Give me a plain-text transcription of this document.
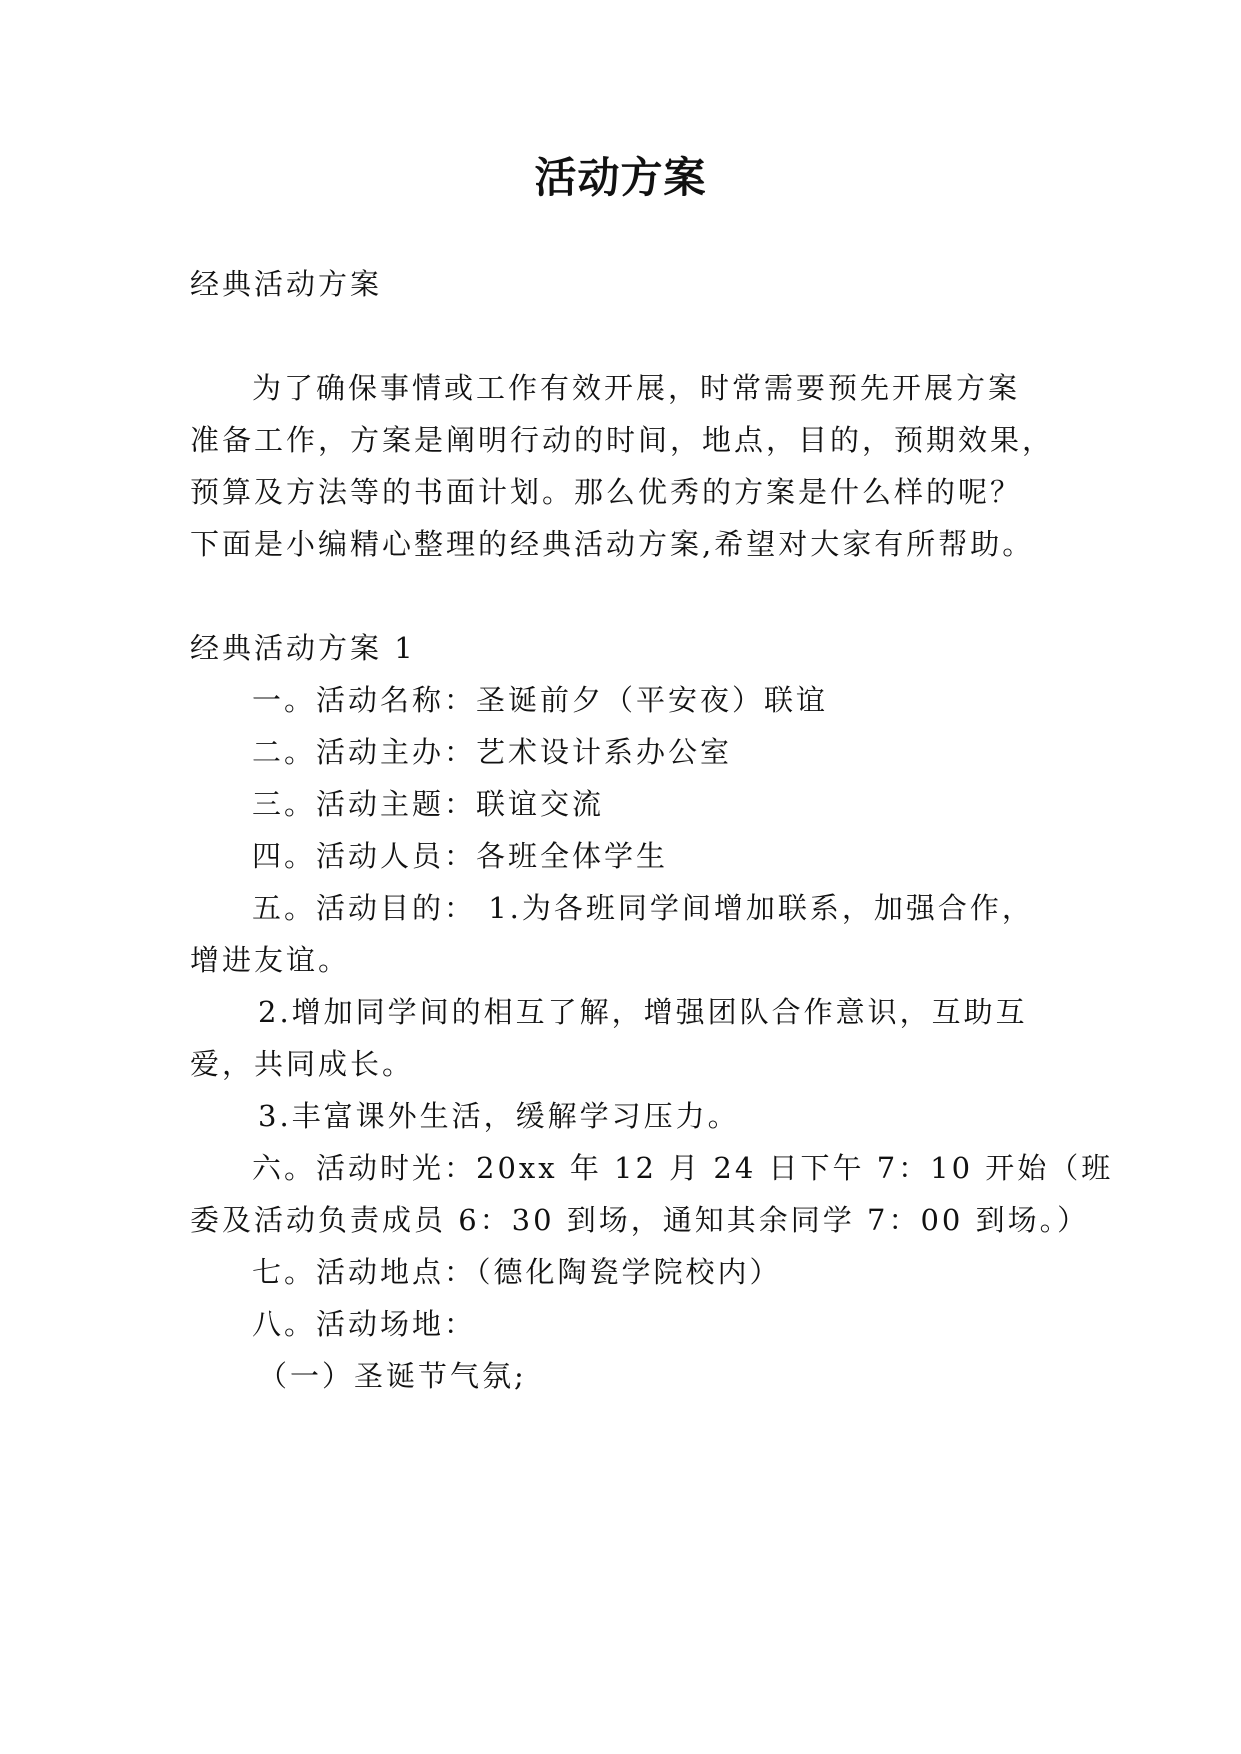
活动方案
经典活动方案
为了确保事情或工作有效开展，时常需要预先开展方案
准备工作，方案是阐明行动的时间，地点，目的，预期效果，
预算及方法等的书面计划。那么优秀的方案是什么样的呢？
下面是小编精心整理的经典活动方案,希望对大家有所帮助。
经典活动方案 1
一。活动名称：圣诞前夕（平安夜）联谊
二。活动主办：艺术设计系办公室
三。活动主题：联谊交流
四。活动人员：各班全体学生
五。活动目的： 1.为各班同学间增加联系，加强合作，
增进友谊。
2.增加同学间的相互了解，增强团队合作意识，互助互
爱，共同成长。
3.丰富课外生活，缓解学习压力。
六。活动时光：20xx 年 12 月 24 日下午 7：10 开始（班
委及活动负责成员 6：30 到场，通知其余同学 7：00 到场。）
七。活动地点：（德化陶瓷学院校内）
八。活动场地：
（一）圣诞节气氛;
